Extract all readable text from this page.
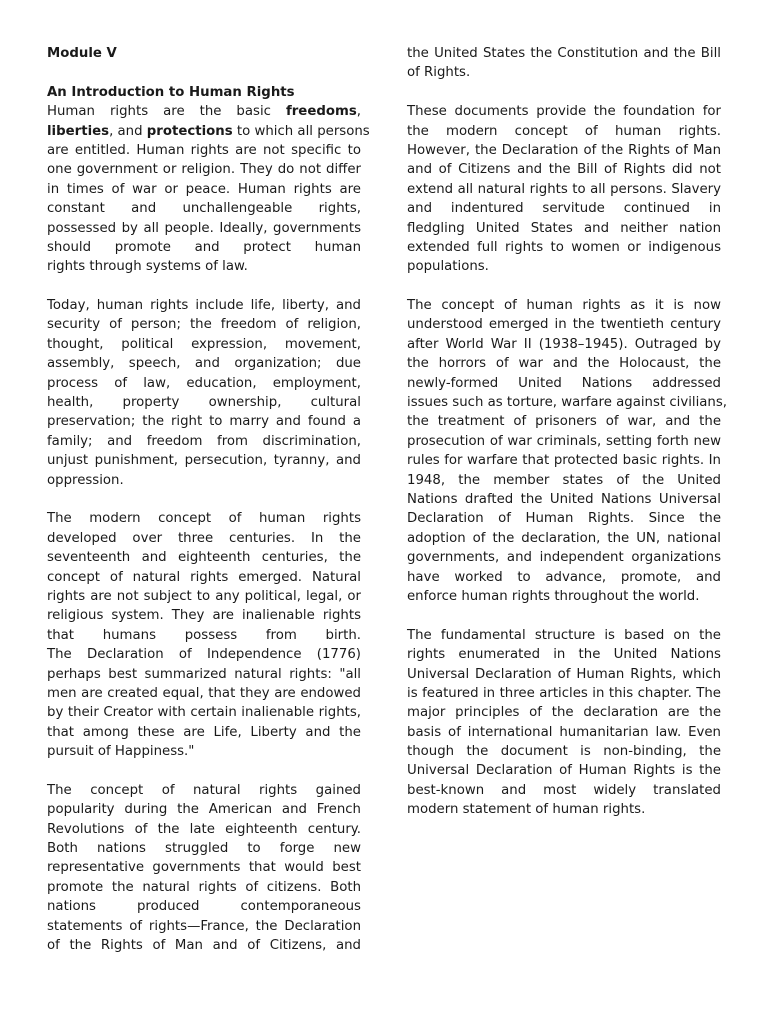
Module V
An Introduction to Human Rights
Human rights are the basic freedoms,
liberties, and protections to which all persons
are entitled. Human rights are not specific to
one government or religion. They do not differ
in times of war or peace. Human rights are
constant and unchallengeable rights,
possessed by all people. Ideally, governments
should promote and protect human
rights through systems of law.
Today, human rights include life, liberty, and
security of person; the freedom of religion,
thought, political expression, movement,
assembly, speech, and organization; due
process of law, education, employment,
health, property ownership, cultural
preservation; the right to marry and found a
family; and freedom from discrimination,
unjust punishment, persecution, tyranny, and
oppression.
The modern concept of human rights
developed over three centuries. In the
seventeenth and eighteenth centuries, the
concept of natural rights emerged. Natural
rights are not subject to any political, legal, or
religious system. They are inalienable rights
that humans possess from birth.
The Declaration of Independence (1776)
perhaps best summarized natural rights: "all
men are created equal, that they are endowed
by their Creator with certain inalienable rights,
that among these are Life, Liberty and the
pursuit of Happiness."
The concept of natural rights gained
popularity during the American and French
Revolutions of the late eighteenth century.
Both nations struggled to forge new
representative governments that would best
promote the natural rights of citizens. Both
nations produced contemporaneous
statements of rights—France, the Declaration
of the Rights of Man and of Citizens, and
the United States the Constitution and the Bill
of Rights.
These documents provide the foundation for
the modern concept of human rights.
However, the Declaration of the Rights of Man
and of Citizens and the Bill of Rights did not
extend all natural rights to all persons. Slavery
and indentured servitude continued in
fledgling United States and neither nation
extended full rights to women or indigenous
populations.
The concept of human rights as it is now
understood emerged in the twentieth century
after World War II (1938–1945). Outraged by
the horrors of war and the Holocaust, the
newly-formed United Nations addressed
issues such as torture, warfare against civilians,
the treatment of prisoners of war, and the
prosecution of war criminals, setting forth new
rules for warfare that protected basic rights. In
1948, the member states of the United
Nations drafted the United Nations Universal
Declaration of Human Rights. Since the
adoption of the declaration, the UN, national
governments, and independent organizations
have worked to advance, promote, and
enforce human rights throughout the world.
The fundamental structure is based on the
rights enumerated in the United Nations
Universal Declaration of Human Rights, which
is featured in three articles in this chapter. The
major principles of the declaration are the
basis of international humanitarian law. Even
though the document is non-binding, the
Universal Declaration of Human Rights is the
best-known and most widely translated
modern statement of human rights.
